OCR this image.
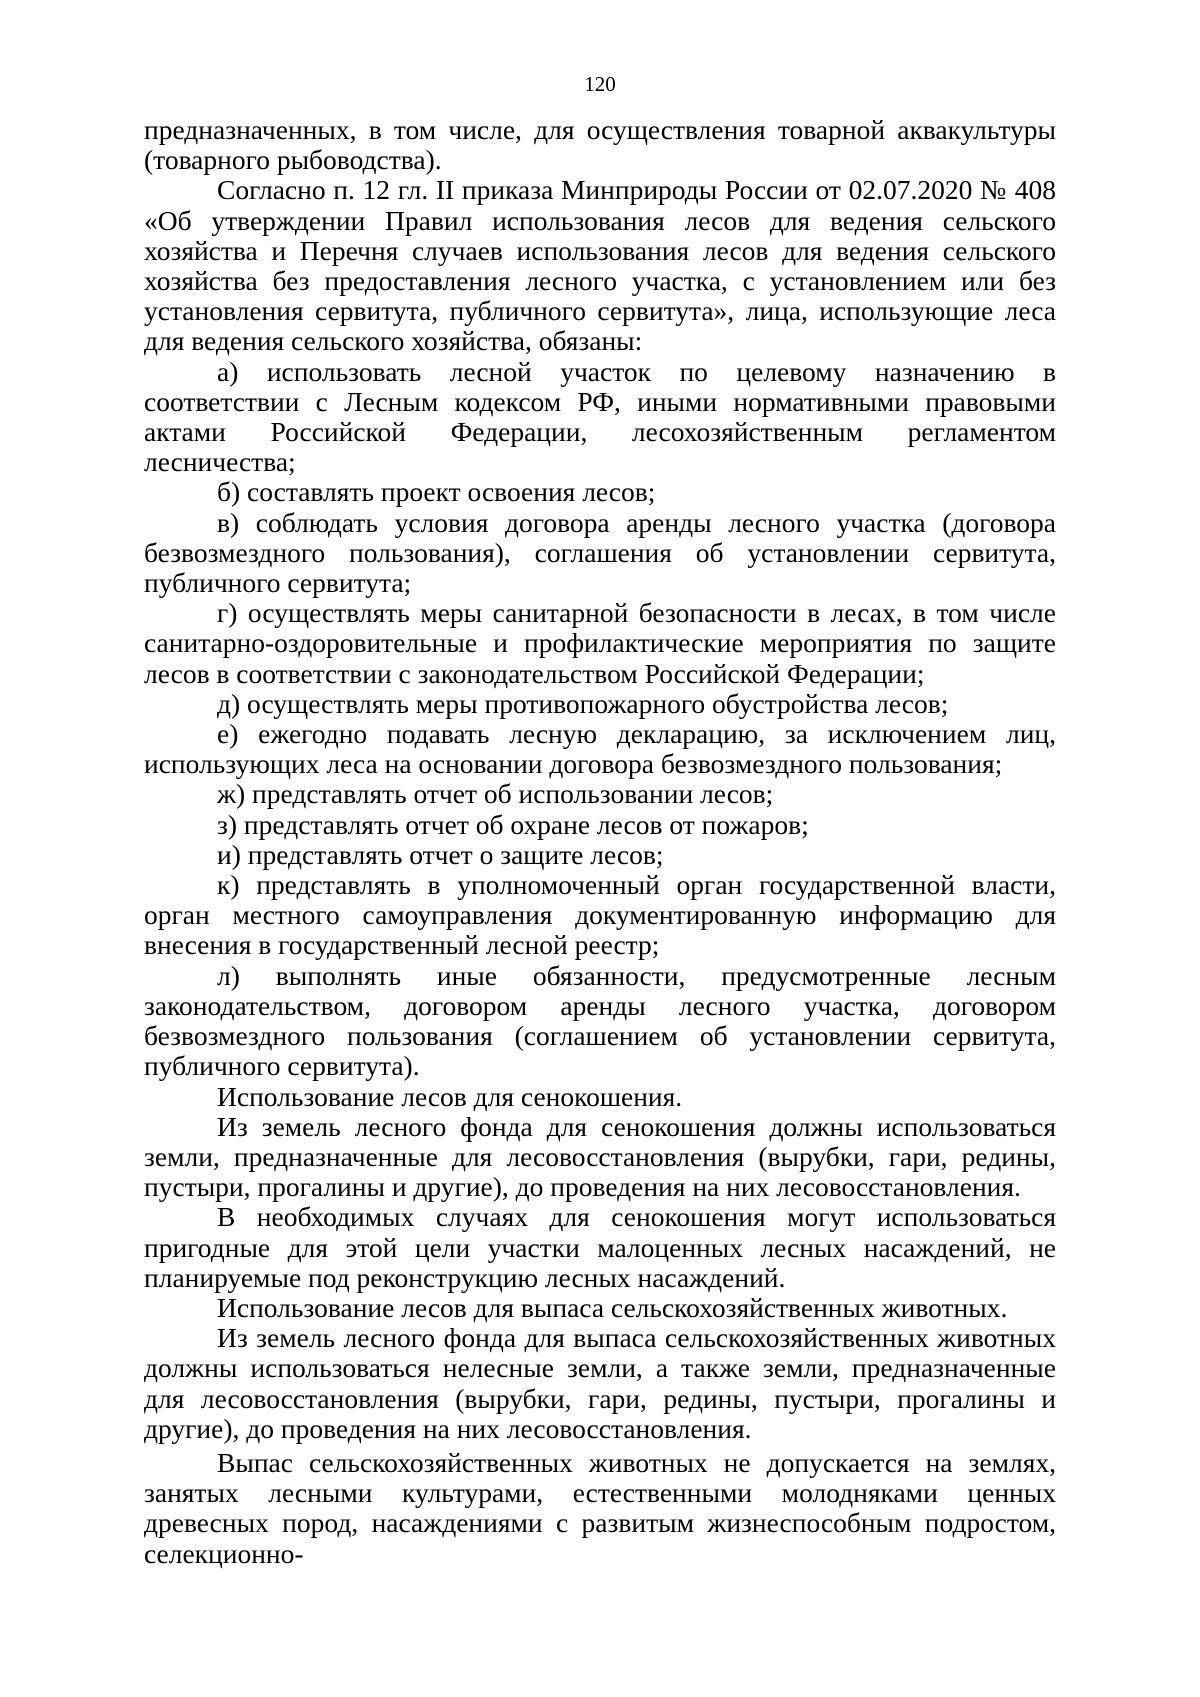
120

предназначенных, в том числе, для осуществления товарной аквакультуры (товарного рыбоводства).

Согласно п. 12 гл. II приказа Минприроды России от 02.07.2020 № 408 «Об утверждении Правил использования лесов для ведения сельского хозяйства и Перечня случаев использования лесов для ведения сельского хозяйства без предоставления лесного участка, с установлением или без установления сервитута, публичного сервитута», лица, использующие леса для ведения сельского хозяйства, обязаны:

а) использовать лесной участок по целевому назначению в соответствии с Лесным кодексом РФ, иными нормативными правовыми актами Российской Федерации, лесохозяйственным регламентом лесничества;

б) составлять проект освоения лесов;

в) соблюдать условия договора аренды лесного участка (договора безвозмездного пользования), соглашения об установлении сервитута, публичного сервитута;

г) осуществлять меры санитарной безопасности в лесах, в том числе санитарно-оздоровительные и профилактические мероприятия по защите лесов в соответствии с законодательством Российской Федерации;

д) осуществлять меры противопожарного обустройства лесов;

е) ежегодно подавать лесную декларацию, за исключением лиц, использующих леса на основании договора безвозмездного пользования;

ж) представлять отчет об использовании лесов;

з) представлять отчет об охране лесов от пожаров;

и) представлять отчет о защите лесов;

к) представлять в уполномоченный орган государственной власти, орган местного самоуправления документированную информацию для внесения в государственный лесной реестр;

л) выполнять иные обязанности, предусмотренные лесным законодательством, договором аренды лесного участка, договором безвозмездного пользования (соглашением об установлении сервитута, публичного сервитута).

Использование лесов для сенокошения.

Из земель лесного фонда для сенокошения должны использоваться земли, предназначенные для лесовосстановления (вырубки, гари, редины, пустыри, прогалины и другие), до проведения на них лесовосстановления.

В необходимых случаях для сенокошения могут использоваться пригодные для этой цели участки малоценных лесных насаждений, не планируемые под реконструкцию лесных насаждений.

Использование лесов для выпаса сельскохозяйственных животных.

Из земель лесного фонда для выпаса сельскохозяйственных животных должны использоваться нелесные земли, а также земли, предназначенные для лесовосстановления (вырубки, гари, редины, пустыри, прогалины и другие), до проведения на них лесовосстановления.

Выпас сельскохозяйственных животных не допускается на землях, занятых лесными культурами, естественными молодняками ценных древесных пород, насаждениями с развитым жизнеспособным подростом, селекционно-
